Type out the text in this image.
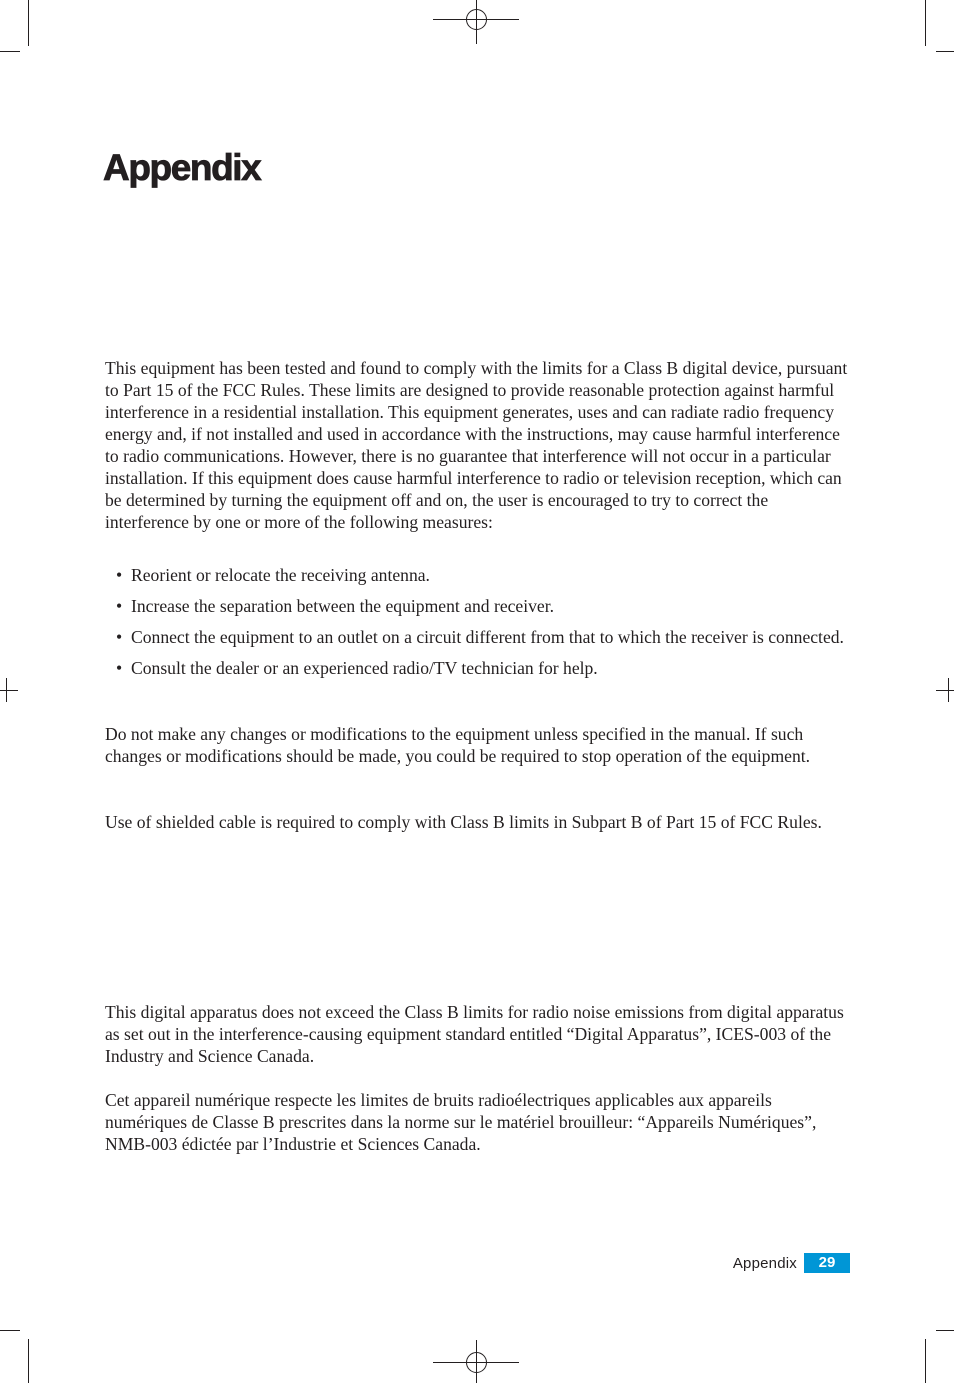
Appendix

This equipment has been tested and found to comply with the limits for a Class B digital device, pursuant to Part 15 of the FCC Rules. These limits are designed to provide reasonable protection against harmful interference in a residential installation. This equipment generates, uses and can radiate radio frequency energy and, if not installed and used in accordance with the instructions, may cause harmful interference to radio communications. However, there is no guarantee that interference will not occur in a particular installation. If this equipment does cause harmful interference to radio or television reception, which can be determined by turning the equipment off and on, the user is encouraged to try to correct the interference by one or more of the following measures:

• Reorient or relocate the receiving antenna.
• Increase the separation between the equipment and receiver.
• Connect the equipment to an outlet on a circuit different from that to which the receiver is connected.
• Consult the dealer or an experienced radio/TV technician for help.

Do not make any changes or modifications to the equipment unless specified in the manual. If such changes or modifications should be made, you could be required to stop operation of the equipment.

Use of shielded cable is required to comply with Class B limits in Subpart B of Part 15 of FCC Rules.

This digital apparatus does not exceed the Class B limits for radio noise emissions from digital apparatus as set out in the interference-causing equipment standard entitled “Digital Apparatus”, ICES-003 of the Industry and Science Canada.

Cet appareil numérique respecte les limites de bruits radioélectriques applicables aux appareils numériques de Classe B prescrites dans la norme sur le matériel brouilleur: “Appareils Numériques”, NMB-003 édictée par l’Industrie et Sciences Canada.

Appendix	29
